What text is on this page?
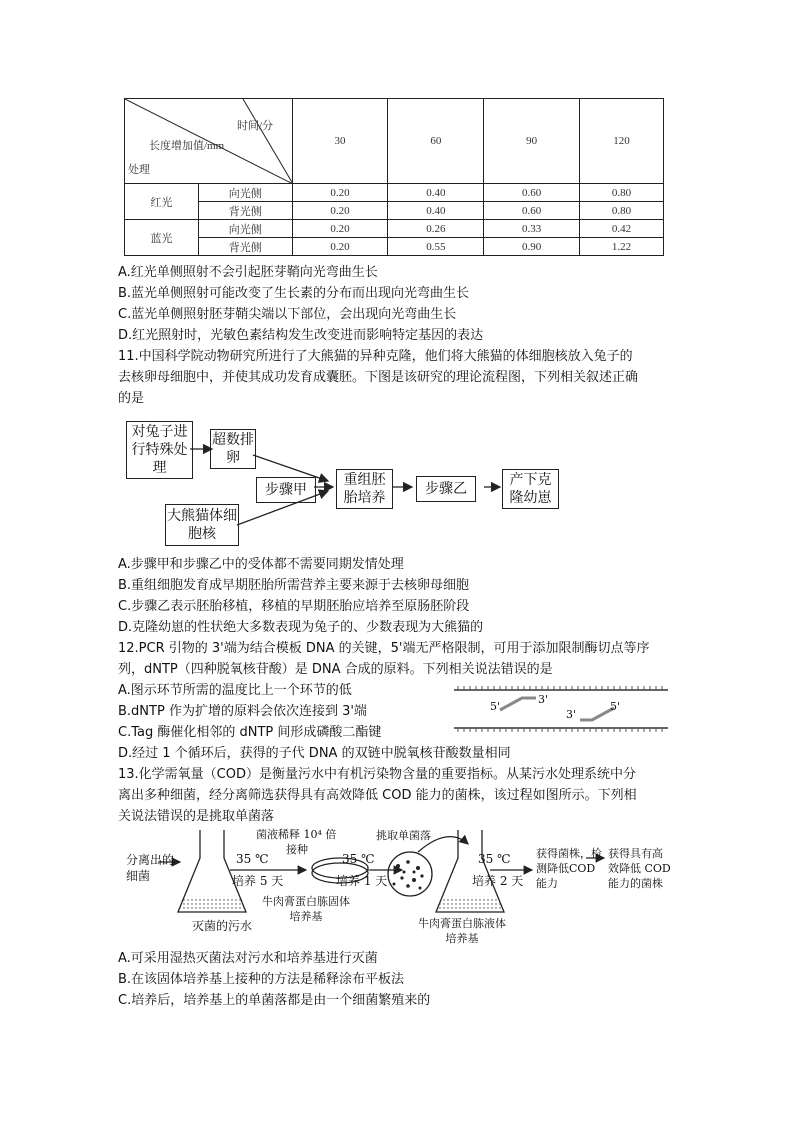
时间/分
长度增加值/mm
处理		30	60	90	120
红光	向光侧	0.20	0.40	0.60	0.80
	背光侧	0.20	0.40	0.60	0.80
蓝光	向光侧	0.20	0.26	0.33	0.42
	背光侧	0.20	0.55	0.90	1.22
A.红光单侧照射不会引起胚芽鞘向光弯曲生长
B.蓝光单侧照射可能改变了生长素的分布而出现向光弯曲生长
C.蓝光单侧照射胚芽鞘尖端以下部位，会出现向光弯曲生长
D.红光照射时，光敏色素结构发生改变进而影响特定基因的表达
11.中国科学院动物研究所进行了大熊猫的异种克隆，他们将大熊猫的体细胞核放入兔子的
去核卵母细胞中，并使其成功发育成囊胚。下图是该研究的理论流程图，下列相关叙述正确
的是
对兔子进行特殊处理
超数排卵
大熊猫体细胞核
步骤甲
重组胚胎培养
步骤乙
产下克隆幼崽
A.步骤甲和步骤乙中的受体都不需要同期发情处理
B.重组细胞发育成早期胚胎所需营养主要来源于去核卵母细胞
C.步骤乙表示胚胎移植，移植的早期胚胎应培养至原肠胚阶段
D.克隆幼崽的性状绝大多数表现为兔子的、少数表现为大熊猫的
12.PCR 引物的 3'端为结合模板 DNA 的关键，5'端无严格限制，可用于添加限制酶切点等序
列，dNTP（四种脱氧核苷酸）是 DNA 合成的原料。下列相关说法错误的是
A.图示环节所需的温度比上一个环节的低
B.dNTP 作为扩增的原料会依次连接到 3'端
C.Tag 酶催化相邻的 dNTP 间形成磷酸二酯键
D.经过 1 个循环后，获得的子代 DNA 的双链中脱氧核苷酸数量相同
5'
3'
3'
5'
13.化学需氧量（COD）是衡量污水中有机污染物含量的重要指标。从某污水处理系统中分
离出多种细菌，经分离筛选获得具有高效降低 COD 能力的菌株，该过程如图所示。下列相
关说法错误的是挑取单菌落
分离出的细菌
35 ℃
培养 5 天
灭菌的污水
菌液稀释 10⁴ 倍
接种
35 ℃
培养 1 天
牛肉膏蛋白胨固体培养基
挑取单菌落
35 ℃
培养 2 天
牛肉膏蛋白胨液体培养基
获得菌株，检测降低COD 能力
获得具有高效降低 COD能力的菌株
A.可采用湿热灭菌法对污水和培养基进行灭菌
B.在该固体培养基上接种的方法是稀释涂布平板法
C.培养后，培养基上的单菌落都是由一个细菌繁殖来的
